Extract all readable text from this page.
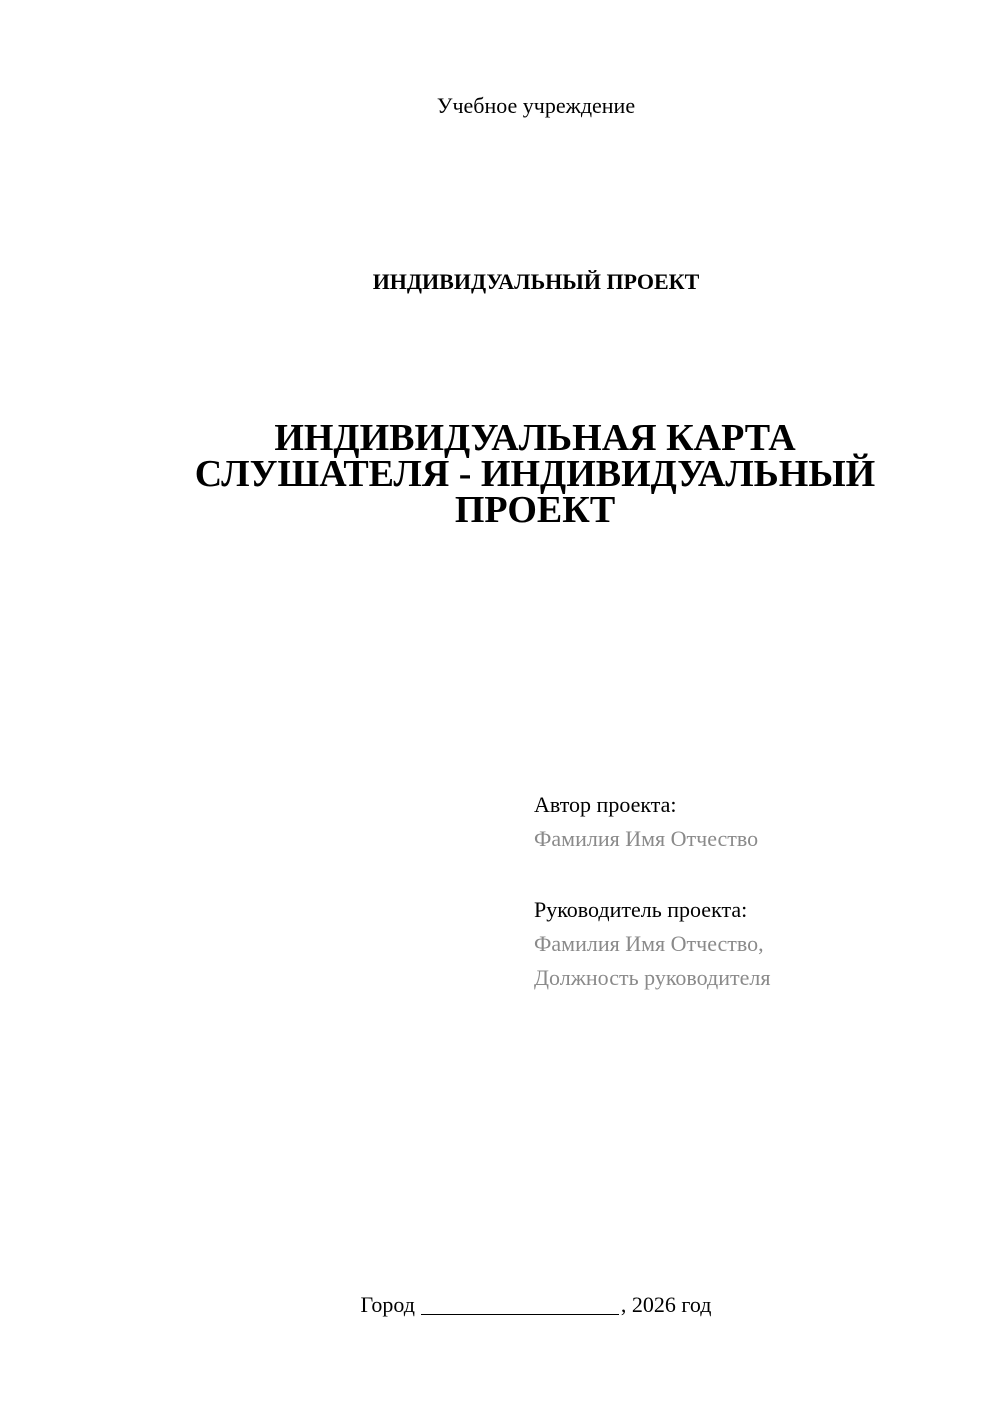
Учебное учреждение
ИНДИВИДУАЛЬНЫЙ ПРОЕКТ
ИНДИВИДУАЛЬНАЯ КАРТА
СЛУШАТЕЛЯ - ИНДИВИДУАЛЬНЫЙ
ПРОЕКТ
Автор проекта:
Фамилия Имя Отчество
Руководитель проекта:
Фамилия Имя Отчество,
Должность руководителя
Город	, 2026 год
